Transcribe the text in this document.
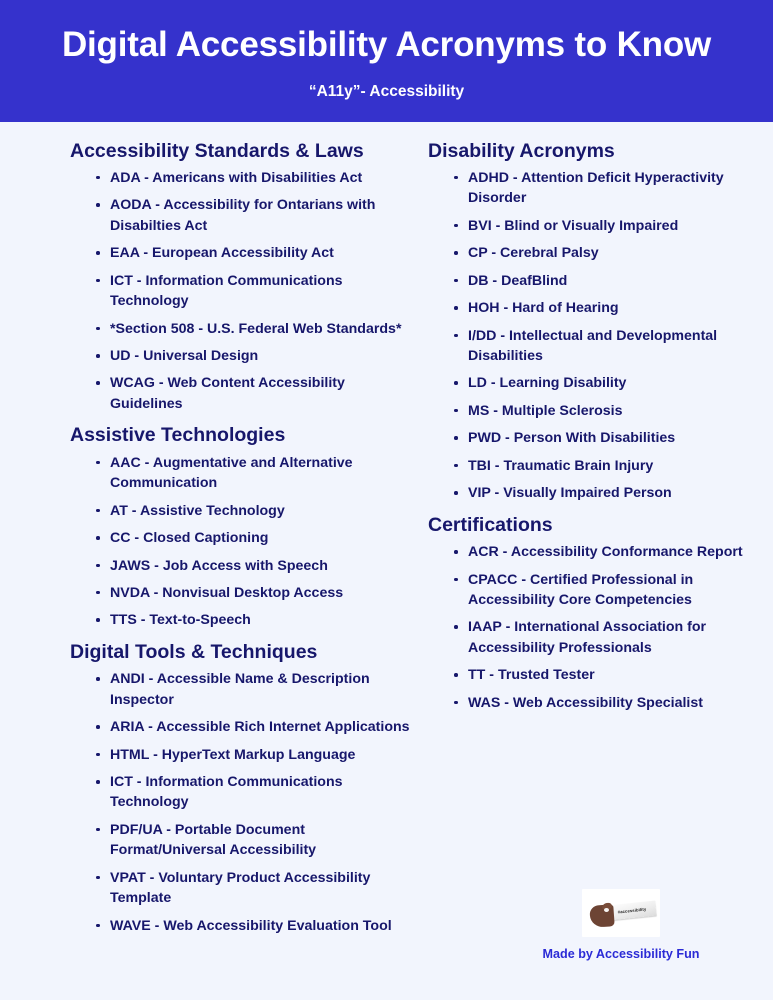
Digital Accessibility Acronyms to Know
“A11y”- Accessibility
Accessibility Standards & Laws
ADA - Americans with Disabilities Act
AODA - Accessibility for Ontarians with Disabilties Act
EAA - European Accessibility Act
ICT - Information Communications Technology
*Section 508 - U.S. Federal Web Standards*
UD - Universal Design
WCAG - Web Content Accessibility Guidelines
Assistive Technologies
AAC - Augmentative and Alternative Communication
AT - Assistive Technology
CC - Closed Captioning
JAWS - Job Access with Speech
NVDA - Nonvisual Desktop Access
TTS - Text-to-Speech
Digital Tools & Techniques
ANDI - Accessible Name & Description Inspector
ARIA - Accessible Rich Internet Applications
HTML - HyperText Markup Language
ICT - Information Communications Technology
PDF/UA - Portable Document Format/Universal Accessibility
VPAT - Voluntary Product Accessibility Template
WAVE - Web Accessibility Evaluation Tool
Disability Acronyms
ADHD - Attention Deficit Hyperactivity Disorder
BVI - Blind or Visually Impaired
CP - Cerebral Palsy
DB - DeafBlind
HOH - Hard of Hearing
I/DD - Intellectual and Developmental Disabilities
LD - Learning Disability
MS - Multiple Sclerosis
PWD - Person With Disabilities
TBI - Traumatic Brain Injury
VIP - Visually Impaired Person
Certifications
ACR - Accessibility Conformance Report
CPACC - Certified Professional in Accessibility Core Competencies
IAAP - International Association for Accessibility Professionals
TT - Trusted Tester
WAS - Web Accessibility Specialist
#accessibility
Made by Accessibility Fun
